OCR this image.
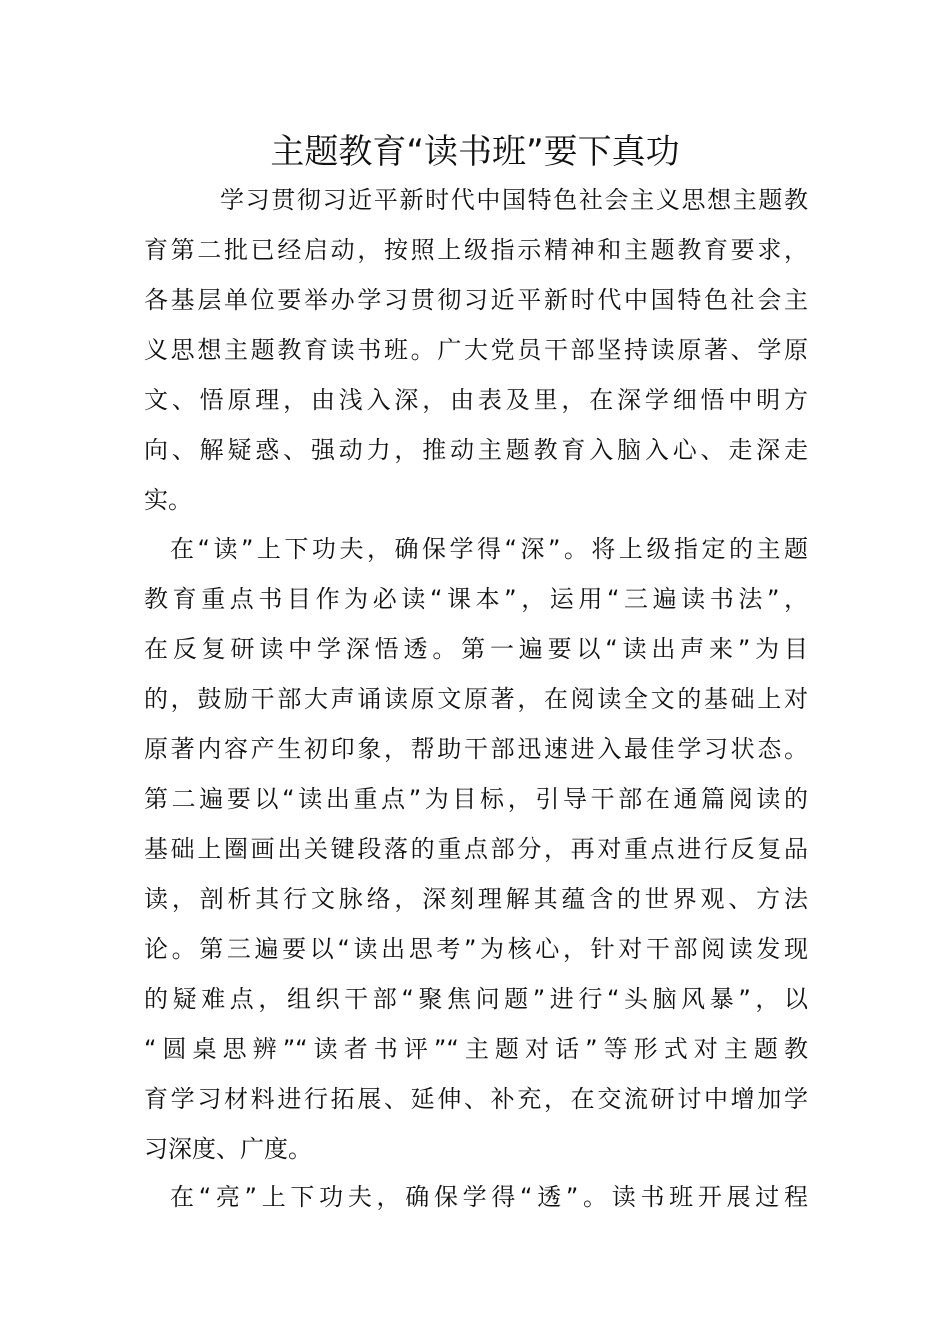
主题教育“读书班”要下真功
学习贯彻习近平新时代中国特色社会主义思想主题教
育第二批已经启动，按照上级指示精神和主题教育要求，
各基层单位要举办学习贯彻习近平新时代中国特色社会主
义思想主题教育读书班。广大党员干部坚持读原著、学原
文、悟原理，由浅入深，由表及里，在深学细悟中明方
向、解疑惑、强动力，推动主题教育入脑入心、走深走
实。
在“读”上下功夫，确保学得“深”。将上级指定的主题
教育重点书目作为必读“课本”，运用“三遍读书法”，
在反复研读中学深悟透。第一遍要以“读出声来”为目
的，鼓励干部大声诵读原文原著，在阅读全文的基础上对
原著内容产生初印象，帮助干部迅速进入最佳学习状态。
第二遍要以“读出重点”为目标，引导干部在通篇阅读的
基础上圈画出关键段落的重点部分，再对重点进行反复品
读，剖析其行文脉络，深刻理解其蕴含的世界观、方法
论。第三遍要以“读出思考”为核心，针对干部阅读发现
的疑难点，组织干部“聚焦问题”进行“头脑风暴”，以
“圆桌思辨”“读者书评”“主题对话”等形式对主题教
育学习材料进行拓展、延伸、补充，在交流研讨中增加学
习深度、广度。
在“亮”上下功夫，确保学得“透”。读书班开展过程
